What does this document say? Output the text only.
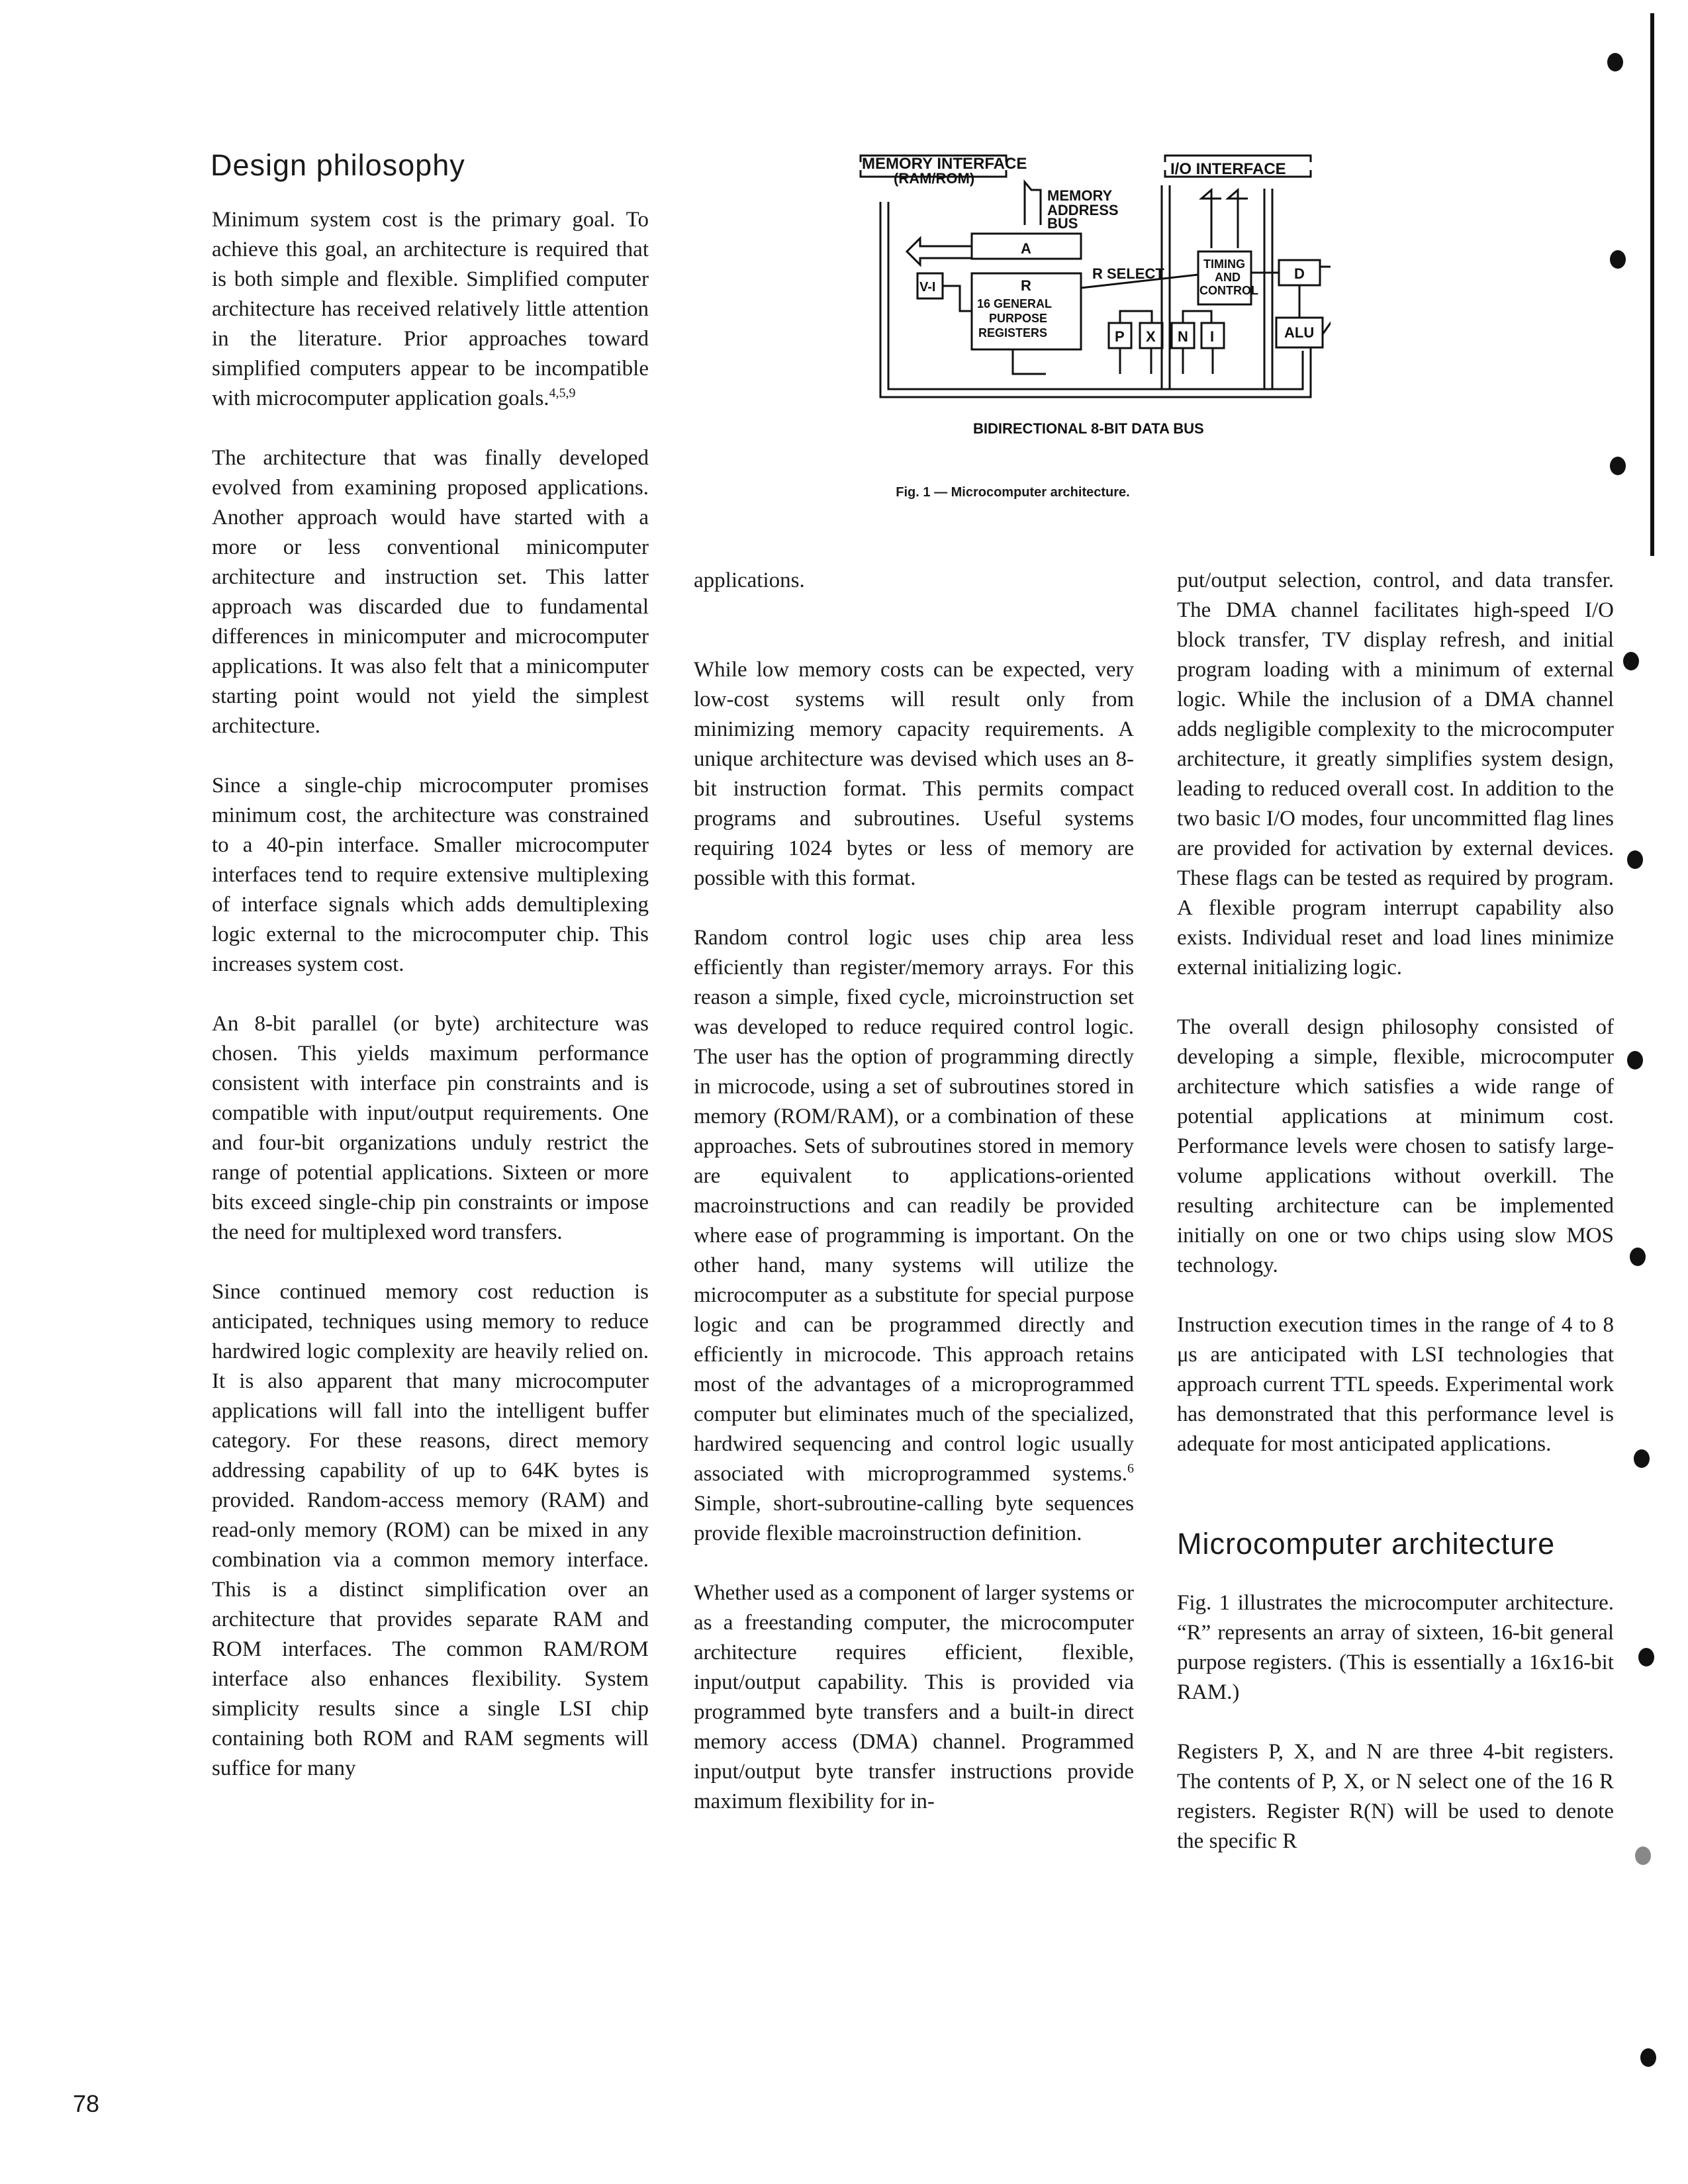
Design philosophy

Minimum system cost is the primary goal. To achieve this goal, an architecture is required that is both simple and flexible. Simplified computer architecture has received relatively little attention in the literature. Prior approaches toward simplified computers appear to be incompatible with microcomputer application goals.$^{4,5,9}$

The architecture that was finally developed evolved from examining proposed applications. Another approach would have started with a more or less conventional minicomputer architecture and instruction set. This latter approach was discarded due to fundamental differences in minicomputer and microcomputer applications. It was also felt that a minicomputer starting point would not yield the simplest architecture.

Since a single-chip microcomputer promises minimum cost, the architecture was constrained to a 40-pin interface. Smaller microcomputer interfaces tend to require extensive multiplexing of interface signals which adds demultiplexing logic external to the microcomputer chip. This increases system cost.

An 8-bit parallel (or byte) architecture was chosen. This yields maximum performance consistent with interface pin constraints and is compatible with input/output requirements. One and four-bit organizations unduly restrict the range of potential applications. Sixteen or more bits exceed single-chip pin constraints or impose the need for multiplexed word transfers.

Since continued memory cost reduction is anticipated, techniques using memory to reduce hardwired logic complexity are heavily relied on. It is also apparent that many microcomputer applications will fall into the intelligent buffer category. For these reasons, direct memory addressing capability of up to 64K bytes is provided. Random-access memory (RAM) and read-only memory (ROM) can be mixed in any combination via a common memory interface. This is a distinct simplification over an architecture that provides separate RAM and ROM interfaces. The common RAM/ROM interface also enhances flexibility. System simplicity results since a single LSI chip containing both ROM and RAM segments will suffice for many

MEMORY INTERFACE
(RAM/ROM)
I/O INTERFACE
MEMORY
ADDRESS
BUS
A
R
16 GENERAL
PURPOSE
REGISTERS
V-I
R SELECT
TIMING
AND
CONTROL
D
ALU
P X N I
BIDIRECTIONAL 8-BIT DATA BUS
Fig. 1 — Microcomputer architecture.

applications.

While low memory costs can be expected, very low-cost systems will result only from minimizing memory capacity requirements. A unique architecture was devised which uses an 8-bit instruction format. This permits compact programs and subroutines. Useful systems requiring 1024 bytes or less of memory are possible with this format.

Random control logic uses chip area less efficiently than register/memory arrays. For this reason a simple, fixed cycle, microinstruction set was developed to reduce required control logic. The user has the option of programming directly in microcode, using a set of subroutines stored in memory (ROM/RAM), or a combination of these approaches. Sets of subroutines stored in memory are equivalent to applications-oriented macroinstructions and can readily be provided where ease of programming is important. On the other hand, many systems will utilize the microcomputer as a substitute for special purpose logic and can be programmed directly and efficiently in microcode. This approach retains most of the advantages of a microprogrammed computer but eliminates much of the specialized, hardwired sequencing and control logic usually associated with microprogrammed systems.$^6$ Simple, short-subroutine-calling byte sequences provide flexible macroinstruction definition.

Whether used as a component of larger systems or as a freestanding computer, the microcomputer architecture requires efficient, flexible, input/output capability. This is provided via programmed byte transfers and a built-in direct memory access (DMA) channel. Programmed input/output byte transfer instructions provide maximum flexibility for in-

put/output selection, control, and data transfer. The DMA channel facilitates high-speed I/O block transfer, TV display refresh, and initial program loading with a minimum of external logic. While the inclusion of a DMA channel adds negligible complexity to the microcomputer architecture, it greatly simplifies system design, leading to reduced overall cost. In addition to the two basic I/O modes, four uncommitted flag lines are provided for activation by external devices. These flags can be tested as required by program. A flexible program interrupt capability also exists. Individual reset and load lines minimize external initializing logic.

The overall design philosophy consisted of developing a simple, flexible, microcomputer architecture which satisfies a wide range of potential applications at minimum cost. Performance levels were chosen to satisfy large-volume applications without overkill. The resulting architecture can be implemented initially on one or two chips using slow MOS technology.

Instruction execution times in the range of 4 to 8 μs are anticipated with LSI technologies that approach current TTL speeds. Experimental work has demonstrated that this performance level is adequate for most anticipated applications.

Microcomputer architecture

Fig. 1 illustrates the microcomputer architecture. “R” represents an array of sixteen, 16-bit general purpose registers. (This is essentially a 16x16-bit RAM.)

Registers P, X, and N are three 4-bit registers. The contents of P, X, or N select one of the 16 R registers. Register R(N) will be used to denote the specific R

78
